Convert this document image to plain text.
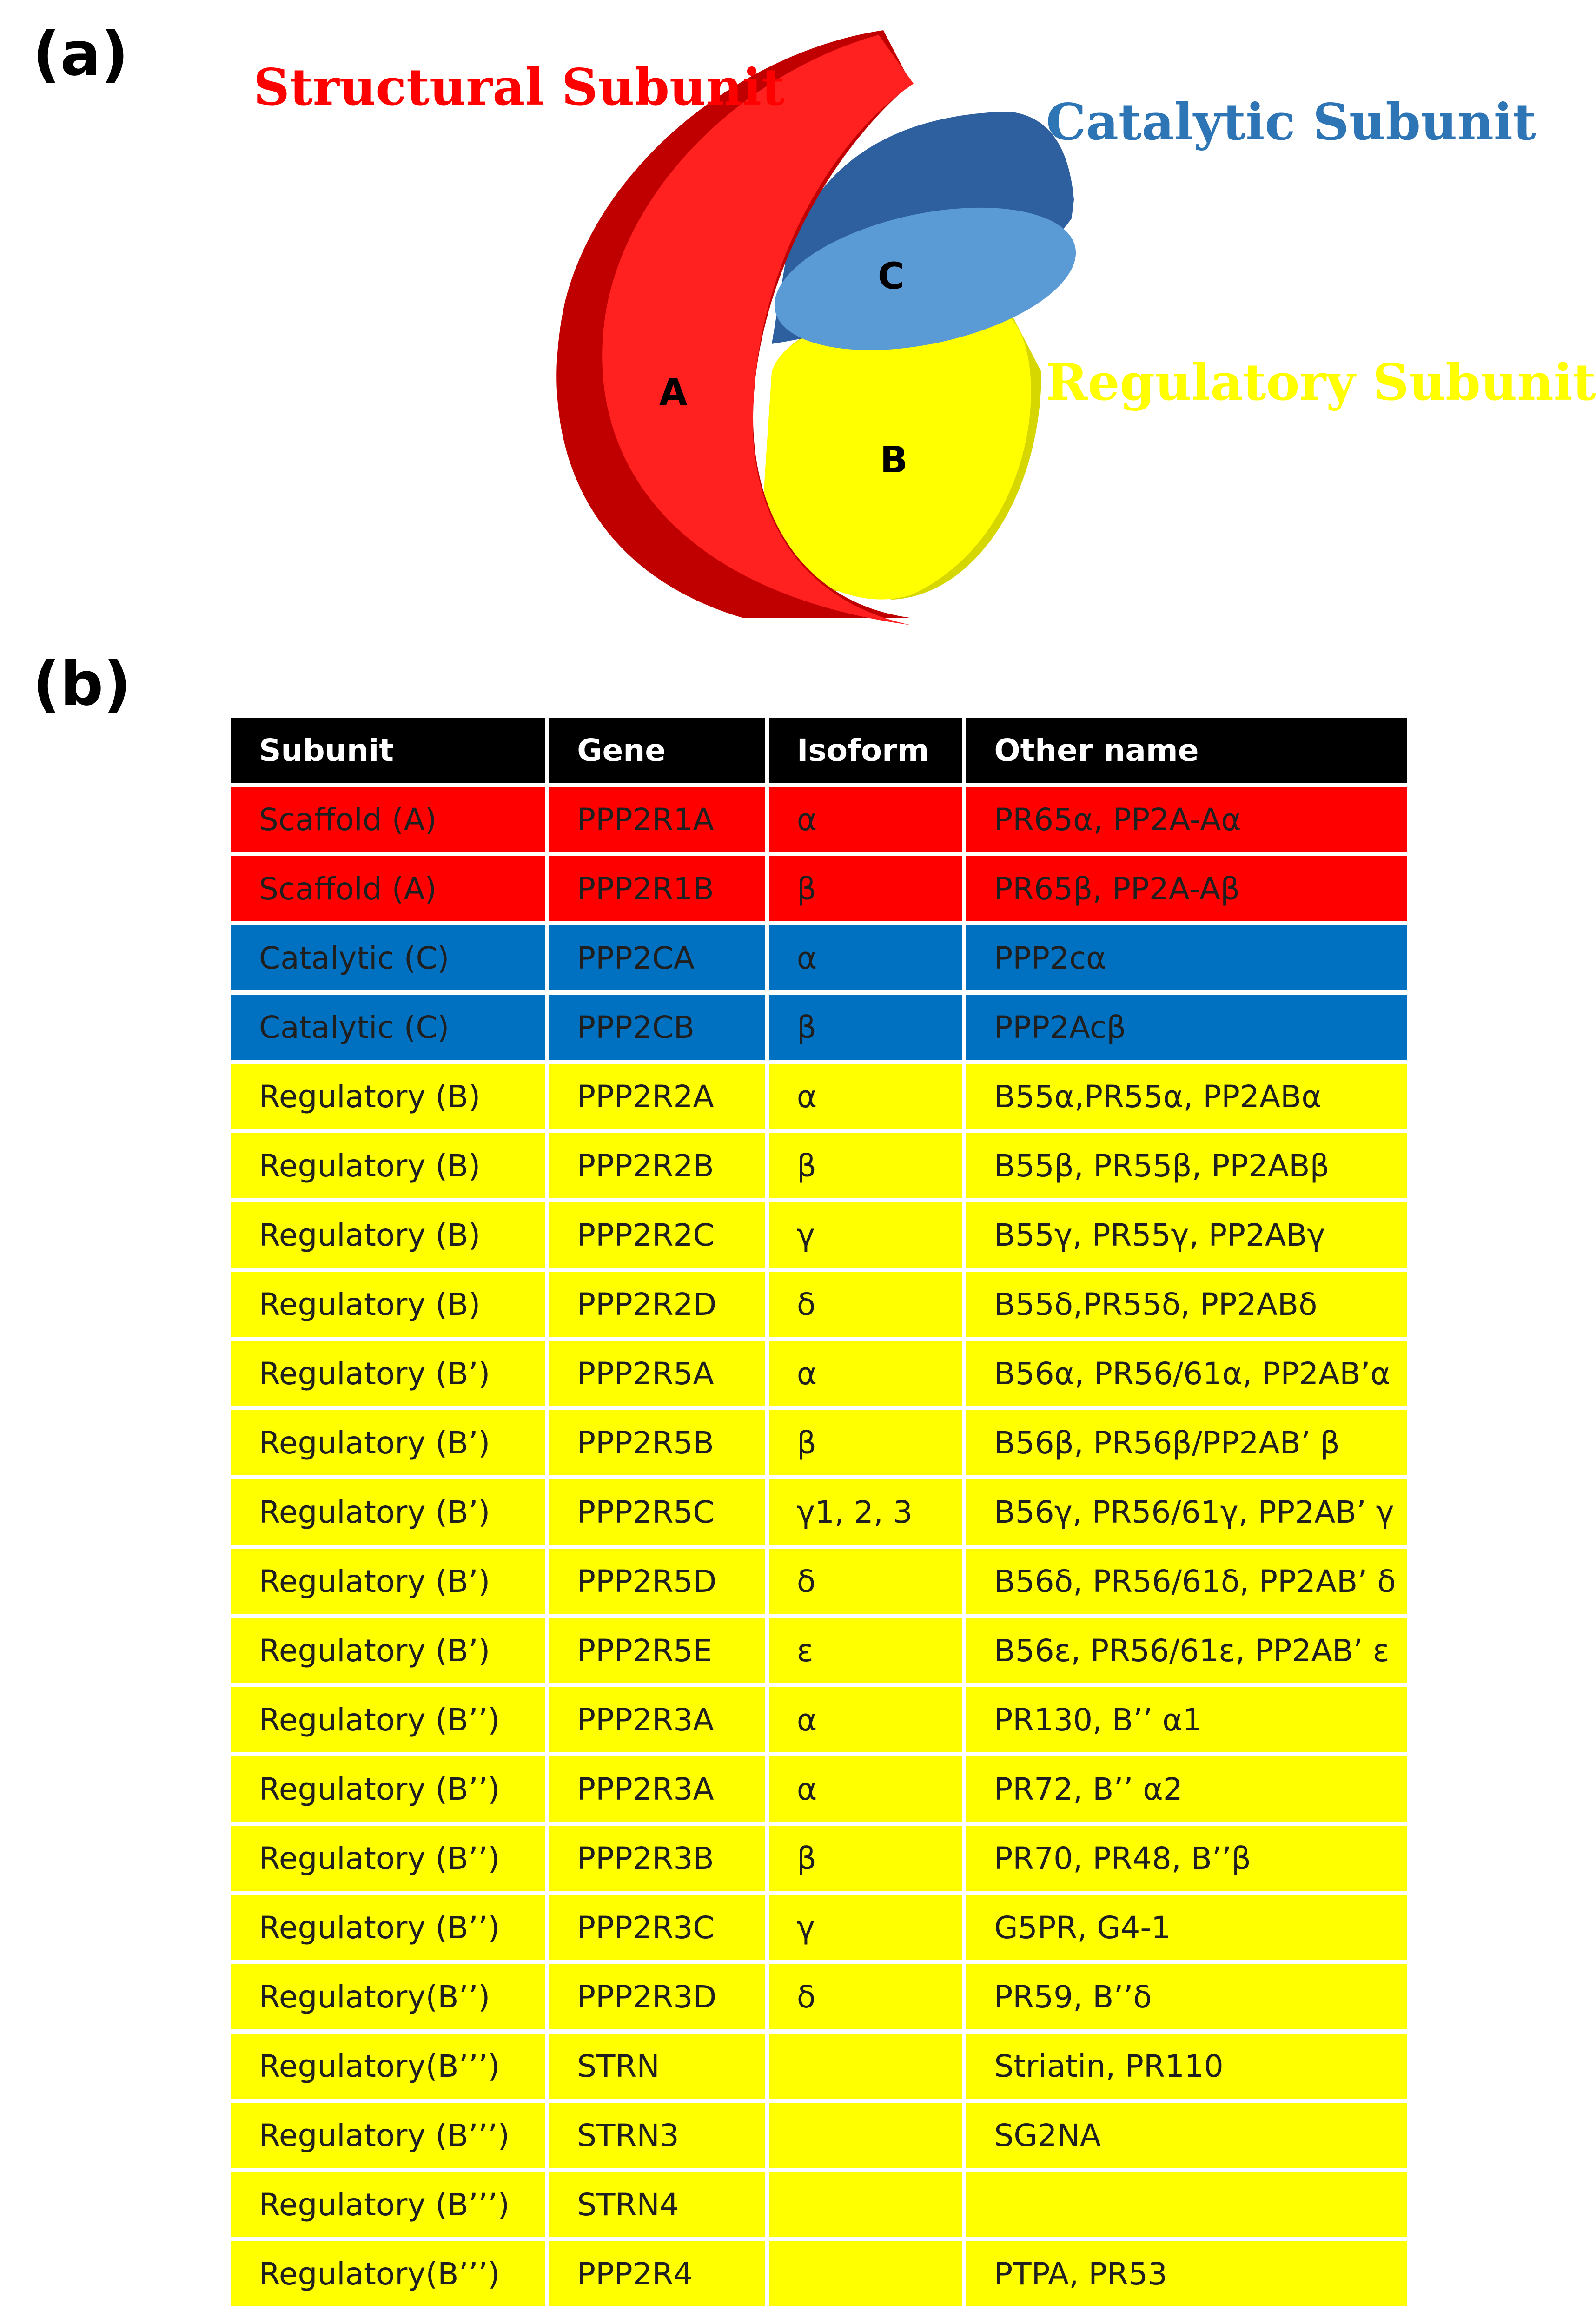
(a) Structural Subunit
Catalytic Subunit
Regulatory Subunit
A
B
C
(b)
Subunit	Gene	Isoform	Other name
Scaffold (A)	PPP2R1A	α	PR65α, PP2A-Aα
Scaffold (A)	PPP2R1B	β	PR65β, PP2A-Aβ
Catalytic (C)	PPP2CA	α	PPP2cα
Catalytic (C)	PPP2CB	β	PPP2Acβ
Regulatory (B)	PPP2R2A	α	B55α,PR55α, PP2ABα
Regulatory (B)	PPP2R2B	β	B55β, PR55β, PP2ABβ
Regulatory (B)	PPP2R2C	γ	B55γ, PR55γ, PP2ABγ
Regulatory (B)	PPP2R2D	δ	B55δ,PR55δ, PP2ABδ
Regulatory (B’)	PPP2R5A	α	B56α, PR56/61α, PP2AB’α
Regulatory (B’)	PPP2R5B	β	B56β, PR56β/PP2AB’ β
Regulatory (B’)	PPP2R5C	γ1, 2, 3	B56γ, PR56/61γ, PP2AB’ γ
Regulatory (B’)	PPP2R5D	δ	B56δ, PR56/61δ, PP2AB’ δ
Regulatory (B’)	PPP2R5E	ε	B56ε, PR56/61ε, PP2AB’ ε
Regulatory (B’’)	PPP2R3A	α	PR130, B’’ α1
Regulatory (B’’)	PPP2R3A	α	PR72, B’’ α2
Regulatory (B’’)	PPP2R3B	β	PR70, PR48, B’’β
Regulatory (B’’)	PPP2R3C	γ	G5PR, G4-1
Regulatory(B’’)	PPP2R3D	δ	PR59, B’’δ
Regulatory(B’’’)	STRN		Striatin, PR110
Regulatory (B’’’)	STRN3		SG2NA
Regulatory (B’’’)	STRN4		
Regulatory(B’’’)	PPP2R4		PTPA, PR53
